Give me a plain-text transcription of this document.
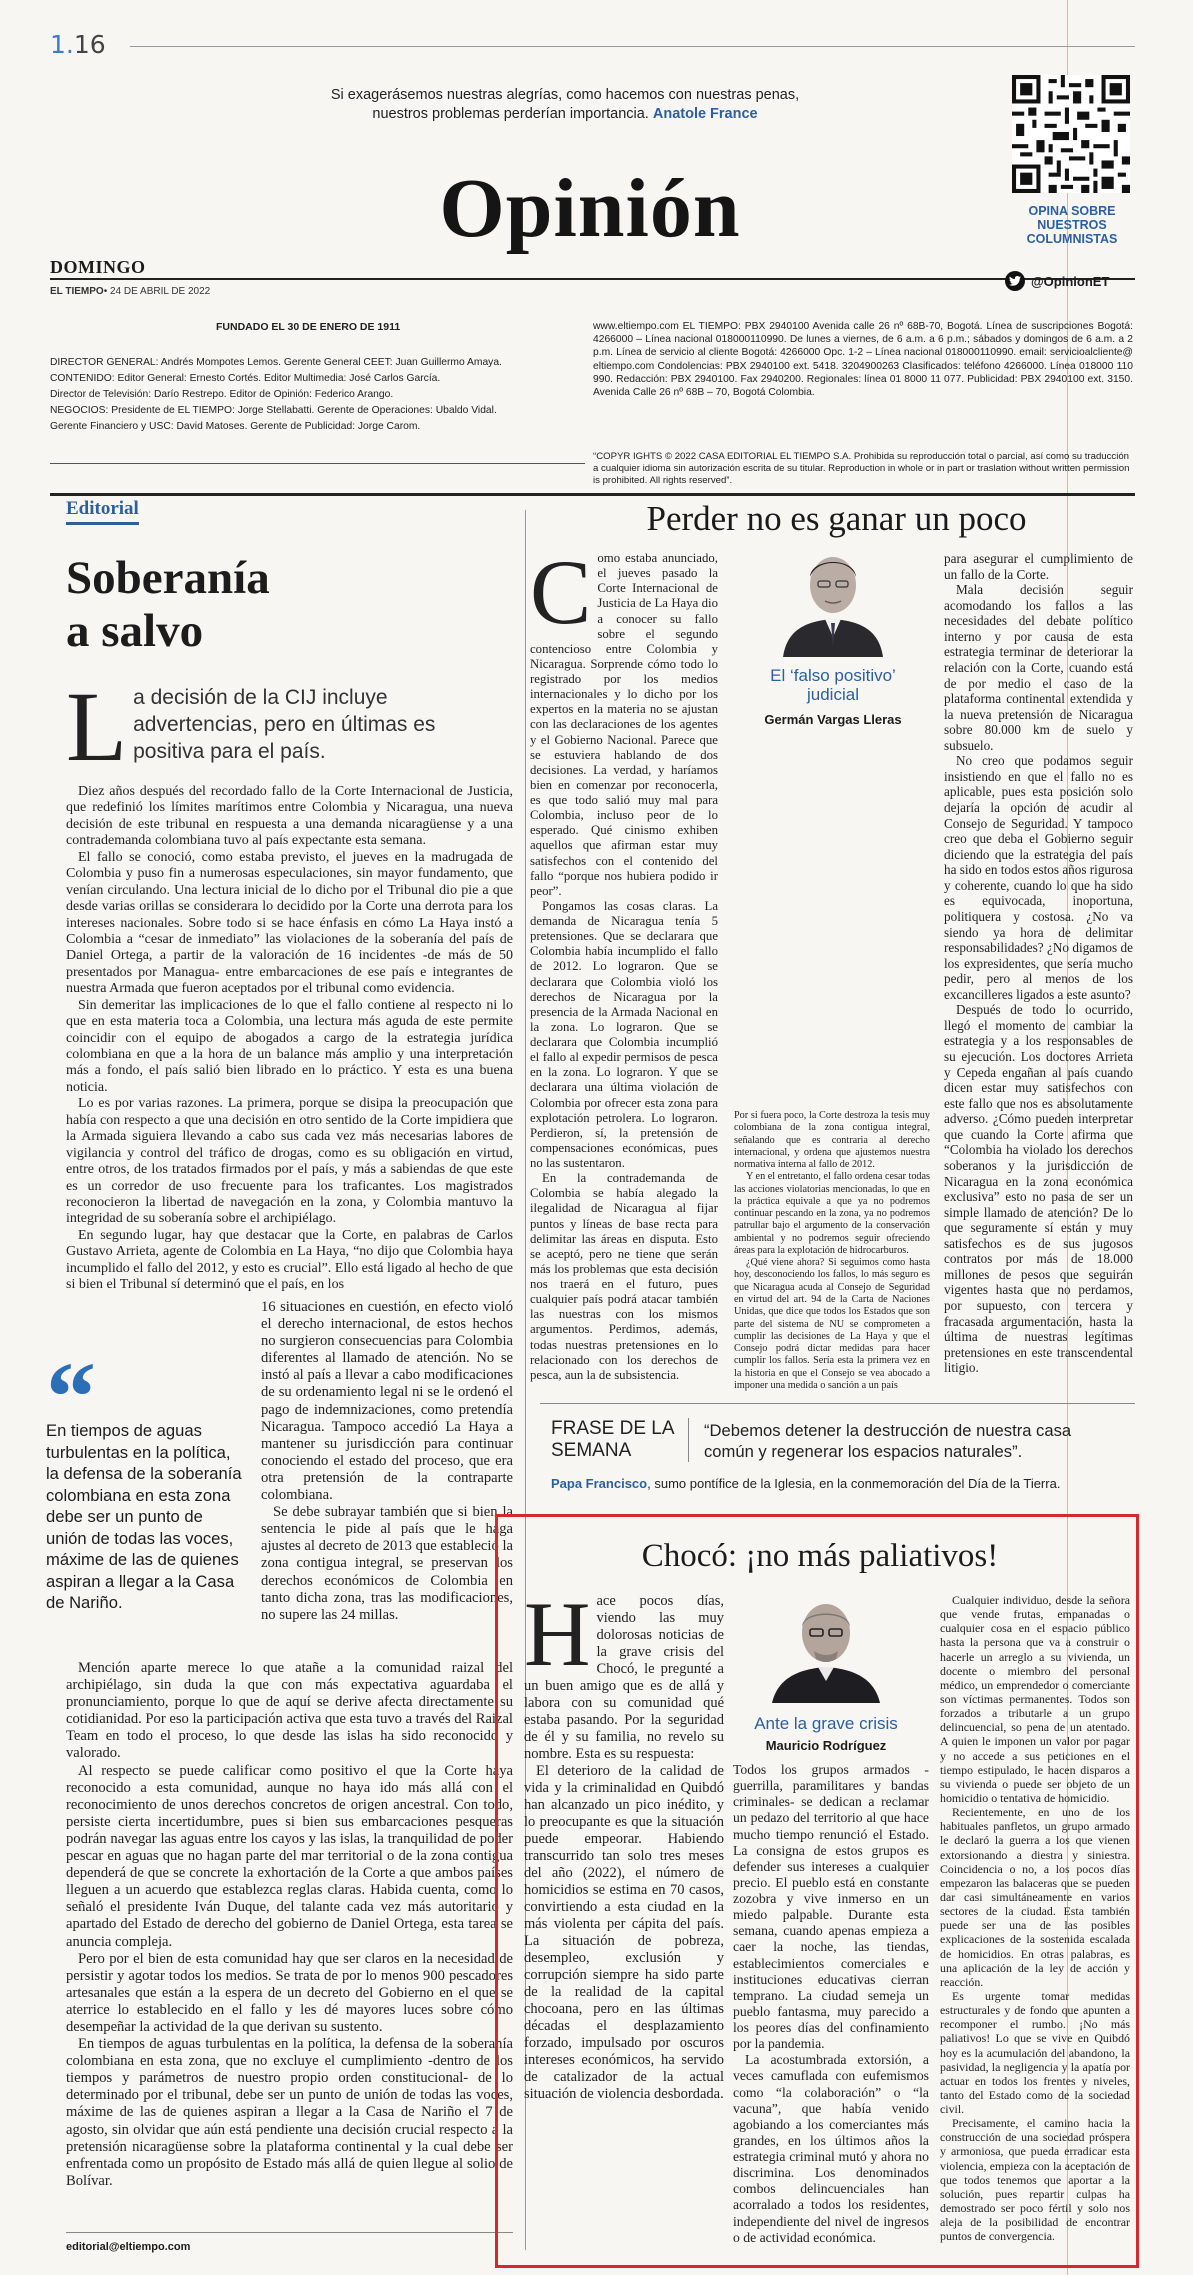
1.16
Si exagerásemos nuestras alegrías, como hacemos con nuestras penas, nuestros problemas perderían importancia. Anatole France
OPINA SOBRE NUESTROS COLUMNISTAS
Opinión
DOMINGO
EL TIEMPO• 24 DE ABRIL DE 2022
@OpinionET
FUNDADO EL 30 DE ENERO DE 1911
DIRECTOR GENERAL: Andrés Mompotes Lemos. Gerente General CEET: Juan Guillermo Amaya.
CONTENIDO: Editor General: Ernesto Cortés. Editor Multimedia: José Carlos García.
Director de Televisión: Darío Restrepo. Editor de Opinión: Federico Arango.
NEGOCIOS: Presidente de EL TIEMPO: Jorge Stellabatti. Gerente de Operaciones: Ubaldo Vidal.
Gerente Financiero y USC: David Matoses. Gerente de Publicidad: Jorge Carom.
www.eltiempo.com EL TIEMPO: PBX 2940100 Avenida calle 26 nº 68B-70, Bogotá. Línea de suscripciones Bogotá: 4266000 – Línea nacional 018000110990. De lunes a viernes, de 6 a.m. a 6 p.m.; sábados y domingos de 6 a.m. a 2 p.m. Línea de servicio al cliente Bogotá: 4266000 Opc. 1-2 – Línea nacional 018000110990. email: servicioalcliente@ eltiempo.com Condolencias: PBX 2940100 ext. 5418. 3204900263 Clasificados: teléfono 4266000. Línea 018000 110 990. Redacción: PBX 2940100. Fax 2940200. Regionales: línea 01 8000 11 077. Publicidad: PBX 2940100 ext. 3150. Avenida Calle 26 nº 68B – 70, Bogotá Colombia.
“COPYR IGHTS © 2022 CASA EDITORIAL EL TIEMPO S.A. Prohibida su reproducción total o parcial, así como su traducción a cualquier idioma sin autorización escrita de su titular. Reproduction in whole or in part or traslation without written permission is prohibited. All rights reserved”.
Editorial
Soberanía
a salvo
L a decisión de la CIJ incluye advertencias, pero en últimas es positiva para el país.

Diez años después del recordado fallo de la Corte Internacional de Justicia, que redefinió los límites marítimos entre Colombia y Nicaragua, una nueva decisión de este tribunal en respuesta a una demanda nicaragüense y a una contrademanda colombiana tuvo al país expectante esta semana.

El fallo se conoció, como estaba previsto, el jueves en la madrugada de Colombia y puso fin a numerosas especulaciones, sin mayor fundamento, que venían circulando. Una lectura inicial de lo dicho por el Tribunal dio pie a que desde varias orillas se considerara lo decidido por la Corte una derrota para los intereses nacionales. Sobre todo si se hace énfasis en cómo La Haya instó a Colombia a “cesar de inmediato” las violaciones de la soberanía del país de Daniel Ortega, a partir de la valoración de 16 incidentes -de más de 50 presentados por Managua- entre embarcaciones de ese país e integrantes de nuestra Armada que fueron aceptados por el tribunal como evidencia.

Sin demeritar las implicaciones de lo que el fallo contiene al respecto ni lo que en esta materia toca a Colombia, una lectura más aguda de este permite coincidir con el equipo de abogados a cargo de la estrategia jurídica colombiana en que a la hora de un balance más amplio y una interpretación más a fondo, el país salió bien librado en lo práctico. Y esta es una buena noticia.

Lo es por varias razones. La primera, porque se disipa la preocupación que había con respecto a que una decisión en otro sentido de la Corte impidiera que la Armada siguiera llevando a cabo sus cada vez más necesarias labores de vigilancia y control del tráfico de drogas, como es su obligación en virtud, entre otros, de los tratados firmados por el país, y más a sabiendas de que este es un corredor de uso frecuente para los traficantes. Los magistrados reconocieron la libertad de navegación en la zona, y Colombia mantuvo la integridad de su soberanía sobre el archipiélago.

En segundo lugar, hay que destacar que la Corte, en palabras de Carlos Gustavo Arrieta, agente de Colombia en La Haya, “no dijo que Colombia haya incumplido el fallo del 2012, y esto es crucial”. Ello está ligado al hecho de que si bien el Tribunal sí determinó que el país, en los

En tiempos de aguas turbulentas en la política, la defensa de la soberanía colombiana en esta zona debe ser un punto de unión de todas las voces, máxime de las de quienes aspiran a llegar a la Casa de Nariño.

16 situaciones en cuestión, en efecto violó el derecho internacional, de estos hechos no surgieron consecuencias para Colombia diferentes al llamado de atención. No se instó al país a llevar a cabo modificaciones de su ordenamiento legal ni se le ordenó el pago de indemnizaciones, como pretendía Nicaragua. Tampoco accedió La Haya a mantener su jurisdicción para continuar conociendo el estado del proceso, que era otra pretensión de la contraparte colombiana.

Se debe subrayar también que si bien la sentencia le pide al país que le haga ajustes al decreto de 2013 que estableció la zona contigua integral, se preservan los derechos económicos de Colombia en tanto dicha zona, tras las modificaciones, no supere las 24 millas.

Mención aparte merece lo que atañe a la comunidad raizal del archipiélago, sin duda la que con más expectativa aguardaba el pronunciamiento, porque lo que de aquí se derive afecta directamente su cotidianidad. Por eso la participación activa que esta tuvo a través del Raizal Team en todo el proceso, lo que desde las islas ha sido reconocido y valorado.

Al respecto se puede calificar como positivo el que la Corte haya reconocido a esta comunidad, aunque no haya ido más allá con el reconocimiento de unos derechos concretos de origen ancestral. Con todo, persiste cierta incertidumbre, pues si bien sus embarcaciones pesqueras podrán navegar las aguas entre los cayos y las islas, la tranquilidad de poder pescar en aguas que no hagan parte del mar territorial o de la zona contigua dependerá de que se concrete la exhortación de la Corte a que ambos países lleguen a un acuerdo que establezca reglas claras. Habida cuenta, como lo señaló el presidente Iván Duque, del talante cada vez más autoritario y apartado del Estado de derecho del gobierno de Daniel Ortega, esta tarea se anuncia compleja.

Pero por el bien de esta comunidad hay que ser claros en la necesidad de persistir y agotar todos los medios. Se trata de por lo menos 900 pescadores artesanales que están a la espera de un decreto del Gobierno en el que se aterrice lo establecido en el fallo y les dé mayores luces sobre cómo desempeñar la actividad de la que derivan su sustento.

En tiempos de aguas turbulentas en la política, la defensa de la soberanía colombiana en esta zona, que no excluye el cumplimiento -dentro de los tiempos y parámetros de nuestro propio orden constitucional- de lo determinado por el tribunal, debe ser un punto de unión de todas las voces, máxime de las de quienes aspiran a llegar a la Casa de Nariño el 7 de agosto, sin olvidar que aún está pendiente una decisión crucial respecto a la pretensión nicaragüense sobre la plataforma continental y la cual debe ser enfrentada como un propósito de Estado más allá de quien llegue al solio de Bolívar.

editorial@eltiempo.com
Perder no es ganar un poco
C omo estaba anunciado, el jueves pasado la Corte Internacional de Justicia de La Haya dio a conocer su fallo sobre el segundo contencioso entre Colombia y Nicaragua. Sorprende cómo todo lo registrado por los medios internacionales y lo dicho por los expertos en la materia no se ajustan con las declaraciones de los agentes y el Gobierno Nacional. Parece que se estuviera hablando de dos decisiones. La verdad, y haríamos bien en comenzar por reconocerla, es que todo salió muy mal para Colombia, incluso peor de lo esperado. Qué cinismo exhiben aquellos que afirman estar muy satisfechos con el contenido del fallo “porque nos hubiera podido ir peor”.

Pongamos las cosas claras. La demanda de Nicaragua tenía 5 pretensiones. Que se declarara que Colombia había incumplido el fallo de 2012. Lo lograron. Que se declarara que Colombia violó los derechos de Nicaragua por la presencia de la Armada Nacional en la zona. Lo lograron. Que se declarara que Colombia incumplió el fallo al expedir permisos de pesca en la zona. Lo lograron. Y que se declarara una última violación de Colombia por ofrecer esta zona para explotación petrolera. Lo lograron. Perdieron, sí, la pretensión de compensaciones económicas, pues no las sustentaron.

En la contrademanda de Colombia se había alegado la ilegalidad de Nicaragua al fijar puntos y líneas de base recta para delimitar las áreas en disputa. Esto se aceptó, pero ne tiene que serán más los problemas que esta decisión nos traerá en el futuro, pues cualquier país podrá atacar también las nuestras con los mismos argumentos. Perdimos, además, todas nuestras pretensiones en lo relacionado con los derechos de pesca, aun la de subsistencia.

El ‘falso positivo’
judicial
Germán Vargas Lleras

Por si fuera poco, la Corte destroza la tesis muy colombiana de la zona contigua integral, señalando que es contraria al derecho internacional, y ordena que ajustemos nuestra normativa interna al fallo de 2012.

Y en el entretanto, el fallo ordena cesar todas las acciones violatorias mencionadas, lo que en la práctica equivale a que ya no podremos continuar pescando en la zona, ya no podremos patrullar bajo el argumento de la conservación ambiental y no podremos seguir ofreciendo áreas para la explotación de hidrocarburos.

¿Qué viene ahora? Si seguimos como hasta hoy, desconociendo los fallos, lo más seguro es que Nicaragua acuda al Consejo de Seguridad en virtud del art. 94 de la Carta de Naciones Unidas, que dice que todos los Estados que son parte del sistema de NU se comprometen a cumplir las decisiones de La Haya y que el Consejo podrá dictar medidas para hacer cumplir los fallos. Sería esta la primera vez en la historia en que el Consejo se vea abocado a imponer una medida o sanción a un país

para asegurar el cumplimiento de un fallo de la Corte.

Mala decisión seguir acomodando los fallos a las necesidades del debate político interno y por causa de esta estrategia terminar de deteriorar la relación con la Corte, cuando está de por medio el caso de la plataforma continental extendida y la nueva pretensión de Nicaragua sobre 80.000 km de suelo y subsuelo.

No creo que podamos seguir insistiendo en que el fallo no es aplicable, pues esta posición solo dejaría la opción de acudir al Consejo de Seguridad. Y tampoco creo que deba el Gobierno seguir diciendo que la estrategia del país ha sido en todos estos años rigurosa y coherente, cuando lo que ha sido es equivocada, inoportuna, politiquera y costosa. ¿No va siendo ya hora de delimitar responsabilidades? ¿No digamos de los expresidentes, que sería mucho pedir, pero al menos de los excancilleres ligados a este asunto?

Después de todo lo ocurrido, llegó el momento de cambiar la estrategia y a los responsables de su ejecución. Los doctores Arrieta y Cepeda engañan al país cuando dicen estar muy satisfechos con este fallo que nos es absolutamente adverso. ¿Cómo pueden interpretar que cuando la Corte afirma que “Colombia ha violado los derechos soberanos y la jurisdicción de Nicaragua en la zona económica exclusiva” esto no pasa de ser un simple llamado de atención? De lo que seguramente sí están y muy satisfechos es de sus jugosos contratos por más de 18.000 millones de pesos que seguirán vigentes hasta que no perdamos, por supuesto, con tercera y fracasada argumentación, hasta la última de nuestras legítimas pretensiones en este transcendental litigio.

FRASE DE LA
SEMANA
“Debemos detener la destrucción de nuestra casa común y regenerar los espacios naturales”.
Papa Francisco, sumo pontífice de la Iglesia, en la conmemoración del Día de la Tierra.
Chocó: ¡no más paliativos!
H ace pocos días, viendo las muy dolorosas noticias de la grave crisis del Chocó, le pregunté a un buen amigo que es de allá y labora con su comunidad qué estaba pasando. Por la seguridad de él y su familia, no revelo su nombre. Esta es su respuesta:

El deterioro de la calidad de vida y la criminalidad en Quibdó han alcanzado un pico inédito, y lo preocupante es que la situación puede empeorar. Habiendo transcurrido tan solo tres meses del año (2022), el número de homicidios se estima en 70 casos, convirtiendo a esta ciudad en la más violenta per cápita del país. La situación de pobreza, desempleo, exclusión y corrupción siempre ha sido parte de la realidad de la capital chocoana, pero en las últimas décadas el desplazamiento forzado, impulsado por oscuros intereses económicos, ha servido de catalizador de la actual situación de violencia desbordada.

Ante la grave crisis
Mauricio Rodríguez

Todos los grupos armados -guerrilla, paramilitares y bandas criminales- se dedican a reclamar un pedazo del territorio al que hace mucho tiempo renunció el Estado. La consigna de estos grupos es defender sus intereses a cualquier precio. El pueblo está en constante zozobra y vive inmerso en un miedo palpable. Durante esta semana, cuando apenas empieza a caer la noche, las tiendas, establecimientos comerciales e instituciones educativas cierran temprano. La ciudad semeja un pueblo fantasma, muy parecido a los peores días del confinamiento por la pandemia.

La acostumbrada extorsión, a veces camuflada con eufemismos como “la colaboración” o “la vacuna”, que había venido agobiando a los comerciantes más grandes, en los últimos años la estrategia criminal mutó y ahora no discrimina. Los denominados combos delincuenciales han acorralado a todos los residentes, independiente del nivel de ingresos o de actividad económica.

Cualquier individuo, desde la señora que vende frutas, empanadas o cualquier cosa en el espacio público hasta la persona que va a construir o hacerle un arreglo a su vivienda, un docente o miembro del personal médico, un emprendedor o comerciante son víctimas permanentes. Todos son forzados a tributarle a un grupo delincuencial, so pena de un atentado. A quien le imponen un valor por pagar y no accede a sus peticiones en el tiempo estipulado, le hacen disparos a su vivienda o puede ser objeto de un homicidio o tentativa de homicidio.

Recientemente, en uno de los habituales panfletos, un grupo armado le declaró la guerra a los que vienen extorsionando a diestra y siniestra. Coincidencia o no, a los pocos días empezaron las balaceras que se pueden dar casi simultáneamente en varios sectores de la ciudad. Esta también puede ser una de las posibles explicaciones de la sostenida escalada de homicidios. En otras palabras, es una aplicación de la ley de acción y reacción.

Es urgente tomar medidas estructurales y de fondo que apunten a recomponer el rumbo. ¡No más paliativos! Lo que se vive en Quibdó hoy es la acumulación del abandono, la pasividad, la negligencia y la apatía por actuar en todos los frentes y niveles, tanto del Estado como de la sociedad civil.

Precisamente, el camino hacia la construcción de una sociedad próspera y armoniosa, que pueda erradicar esta violencia, empieza con la aceptación de que todos tenemos que aportar a la solución, pues repartir culpas ha demostrado ser poco fértil y solo nos aleja de la posibilidad de encontrar puntos de convergencia.
